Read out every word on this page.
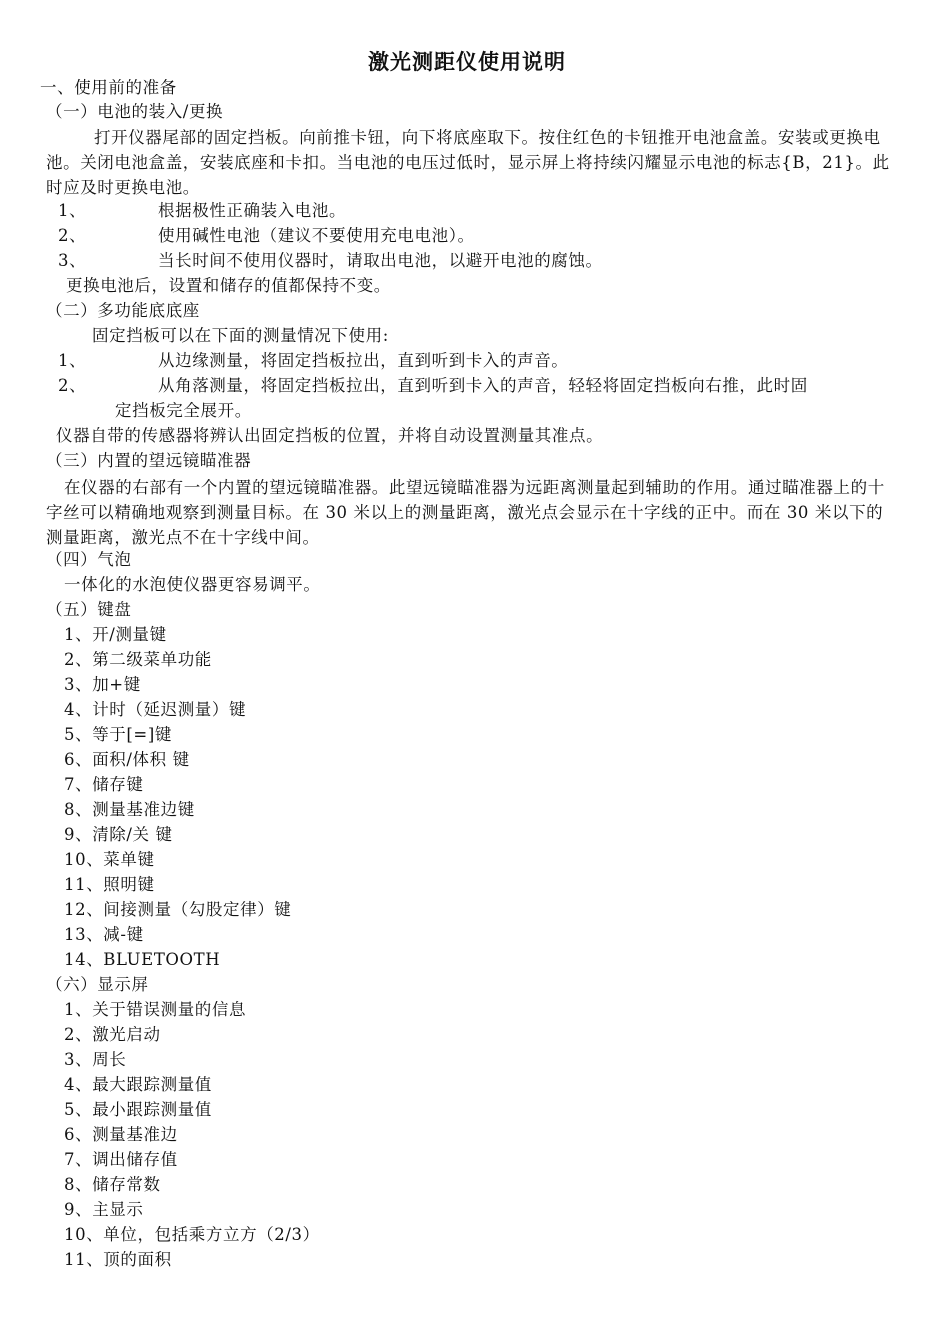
激光测距仪使用说明
一、使用前的准备
（一）电池的装入/更换
打开仪器尾部的固定挡板。向前推卡钮，向下将底座取下。按住红色的卡钮推开电池盒盖。安装或更换电池。关闭电池盒盖，安装底座和卡扣。当电池的电压过低时，显示屏上将持续闪耀显示电池的标志{B，21}。此时应及时更换电池。
1、	根据极性正确装入电池。
2、	使用碱性电池（建议不要使用充电电池）。
3、	当长时间不使用仪器时，请取出电池，以避开电池的腐蚀。
更换电池后，设置和储存的值都保持不变。
（二）多功能底底座
固定挡板可以在下面的测量情况下使用:
1、	从边缘测量，将固定挡板拉出，直到听到卡入的声音。
2、	从角落测量，将固定挡板拉出，直到听到卡入的声音，轻轻将固定挡板向右推，此时固
定挡板完全展开。
仪器自带的传感器将辨认出固定挡板的位置，并将自动设置测量其准点。
（三）内置的望远镜瞄准器
在仪器的右部有一个内置的望远镜瞄准器。此望远镜瞄准器为远距离测量起到辅助的作用。通过瞄准器上的十字丝可以精确地观察到测量目标。在 30 米以上的测量距离，激光点会显示在十字线的正中。而在 30 米以下的测量距离，激光点不在十字线中间。
（四）气泡
一体化的水泡使仪器更容易调平。
（五）键盘
1、开/测量键
2、第二级菜单功能
3、加+键
4、计时（延迟测量）键
5、等于[=]键
6、面积/体积 键
7、储存键
8、测量基准边键
9、清除/关 键
10、菜单键
11、照明键
12、间接测量（勾股定律）键
13、减-键
14、BLUETOOTH
（六）显示屏
1、关于错误测量的信息
2、激光启动
3、周长
4、最大跟踪测量值
5、最小跟踪测量值
6、测量基准边
7、调出储存值
8、储存常数
9、主显示
10、单位，包括乘方立方（2/3）
11、顶的面积
